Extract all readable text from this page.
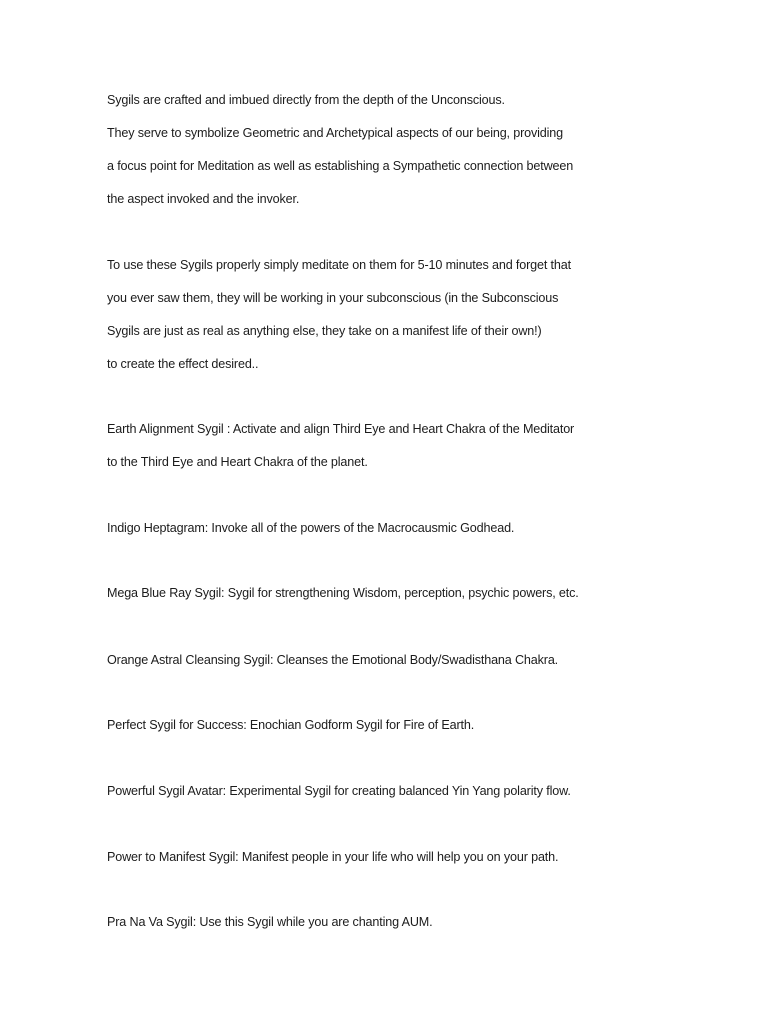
Sygils are crafted and imbued directly from the depth of the Unconscious.

They serve to symbolize Geometric and Archetypical aspects of our being, providing

a focus point for Meditation as well as establishing a Sympathetic connection between

the aspect invoked and the invoker.

To use these Sygils properly simply meditate on them for 5-10 minutes and forget that

you ever saw them, they will be working in your subconscious (in the Subconscious

Sygils are just as real as anything else, they take on a manifest life of their own!)

to create the effect desired..

Earth Alignment Sygil : Activate and align Third Eye and Heart Chakra of the Meditator

to the Third Eye and Heart Chakra of the planet.

Indigo Heptagram: Invoke all of the powers of the Macrocausmic Godhead.

Mega Blue Ray Sygil: Sygil for strengthening Wisdom, perception, psychic powers, etc.

Orange Astral Cleansing Sygil: Cleanses the Emotional Body/Swadisthana Chakra.

Perfect Sygil for Success: Enochian Godform Sygil for Fire of Earth.

Powerful Sygil Avatar: Experimental Sygil for creating balanced Yin Yang polarity flow.

Power to Manifest Sygil: Manifest people in your life who will help you on your path.

Pra Na Va Sygil: Use this Sygil while you are chanting AUM.
